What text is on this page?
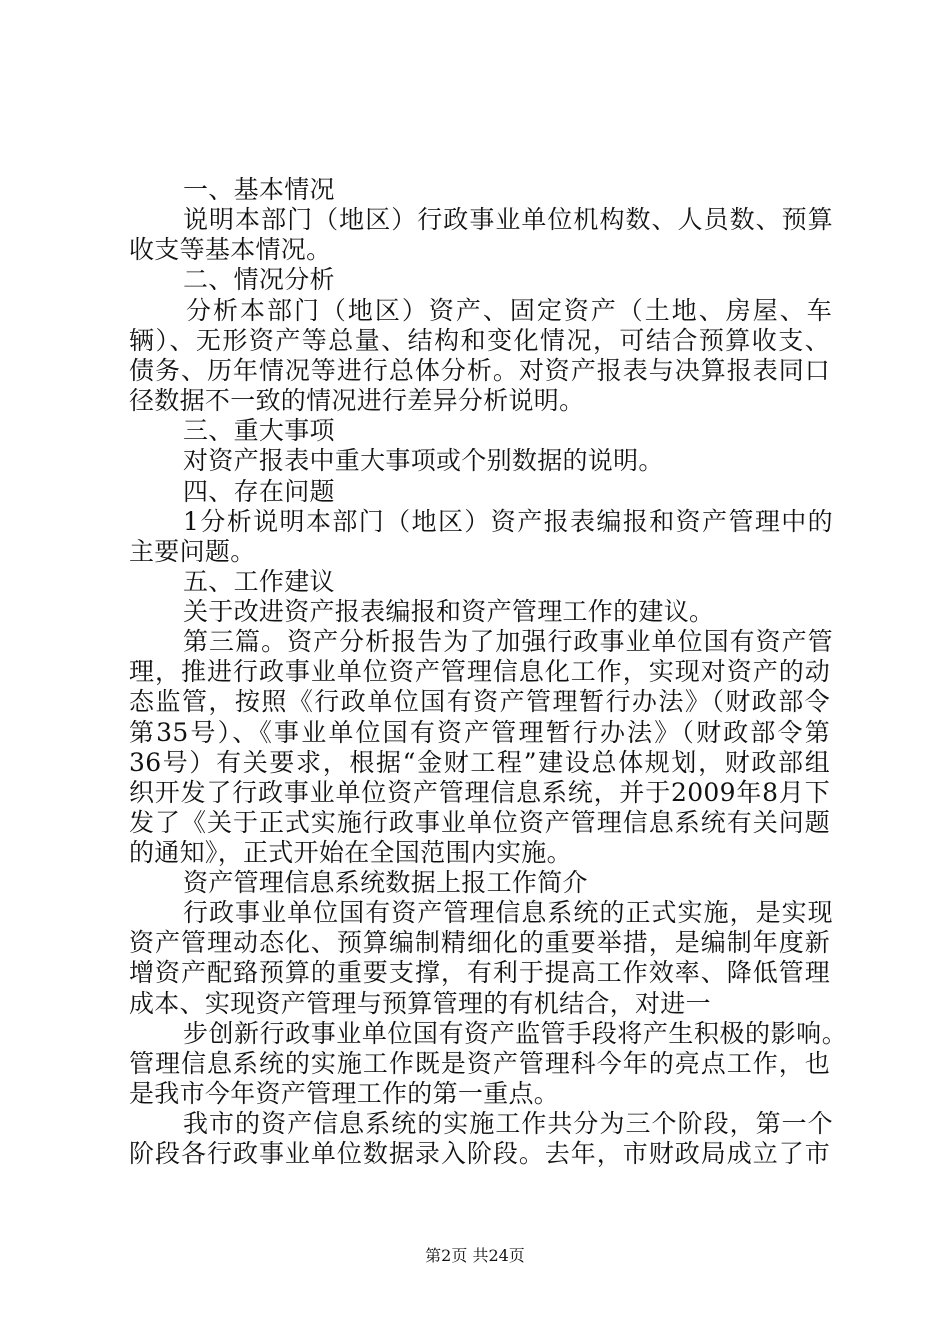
一、基本情况
说明本部门（地区）行政事业单位机构数、人员数、预算
收支等基本情况。
二、情况分析
分析本部门（地区）资产、固定资产（土地、房屋、车
辆）、无形资产等总量、结构和变化情况，可结合预算收支、
债务、历年情况等进行总体分析。对资产报表与决算报表同口
径数据不一致的情况进行差异分析说明。
三、重大事项
对资产报表中重大事项或个别数据的说明。
四、存在问题
1分析说明本部门（地区）资产报表编报和资产管理中的
主要问题。
五、工作建议
关于改进资产报表编报和资产管理工作的建议。
第三篇。资产分析报告为了加强行政事业单位国有资产管
理，推进行政事业单位资产管理信息化工作，实现对资产的动
态监管，按照《行政单位国有资产管理暂行办法》（财政部令
第35号）、《事业单位国有资产管理暂行办法》（财政部令第
36号）有关要求，根据“金财工程”建设总体规划，财政部组
织开发了行政事业单位资产管理信息系统，并于2009年8月下
发了《关于正式实施行政事业单位资产管理信息系统有关问题
的通知》，正式开始在全国范围内实施。
资产管理信息系统数据上报工作简介
行政事业单位国有资产管理信息系统的正式实施，是实现
资产管理动态化、预算编制精细化的重要举措，是编制年度新
增资产配臵预算的重要支撑，有利于提高工作效率、降低管理
成本、实现资产管理与预算管理的有机结合，对进一
步创新行政事业单位国有资产监管手段将产生积极的影响。
管理信息系统的实施工作既是资产管理科今年的亮点工作，也
是我市今年资产管理工作的第一重点。
我市的资产信息系统的实施工作共分为三个阶段，第一个
阶段各行政事业单位数据录入阶段。去年，市财政局成立了市
第2页 共24页
